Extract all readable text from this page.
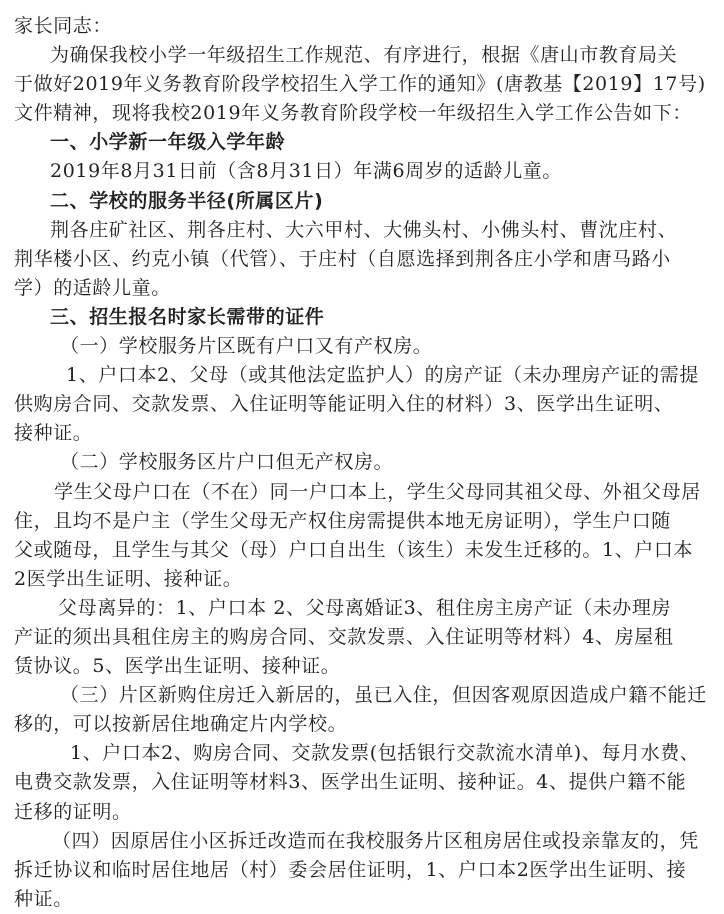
家长同志：
为确保我校小学一年级招生工作规范、有序进行，根据《唐山市教育局关
于做好2019年义务教育阶段学校招生入学工作的通知》(唐教基【2019】17号)
文件精神，现将我校2019年义务教育阶段学校一年级招生入学工作公告如下：
一、小学新一年级入学年龄
2019年8月31日前（含8月31日）年满6周岁的适龄儿童。
二、学校的服务半径(所属区片)
荆各庄矿社区、荆各庄村、大六甲村、大佛头村、小佛头村、曹沈庄村、
荆华楼小区、约克小镇（代管）、于庄村（自愿选择到荆各庄小学和唐马路小
学）的适龄儿童。
三、招生报名时家长需带的证件
（一）学校服务片区既有户口又有产权房。
1、户口本2、父母（或其他法定监护人）的房产证（未办理房产证的需提
供购房合同、交款发票、入住证明等能证明入住的材料）3、医学出生证明、
接种证。
（二）学校服务区片户口但无产权房。
学生父母户口在（不在）同一户口本上，学生父母同其祖父母、外祖父母居
住，且均不是户主（学生父母无产权住房需提供本地无房证明），学生户口随
父或随母，且学生与其父（母）户口自出生（该生）未发生迁移的。1、户口本
2医学出生证明、接种证。
父母离异的：1、户口本 2、父母离婚证3、租住房主房产证（未办理房
产证的须出具租住房主的购房合同、交款发票、入住证明等材料）4、房屋租
赁协议。5、医学出生证明、接种证。
（三）片区新购住房迁入新居的，虽已入住，但因客观原因造成户籍不能迁
移的，可以按新居住地确定片内学校。
1、户口本2、购房合同、交款发票(包括银行交款流水清单)、每月水费、
电费交款发票，入住证明等材料3、医学出生证明、接种证。4、提供户籍不能
迁移的证明。
（四）因原居住小区拆迁改造而在我校服务片区租房居住或投亲靠友的，凭
拆迁协议和临时居住地居（村）委会居住证明，1、户口本2医学出生证明、接
种证。
